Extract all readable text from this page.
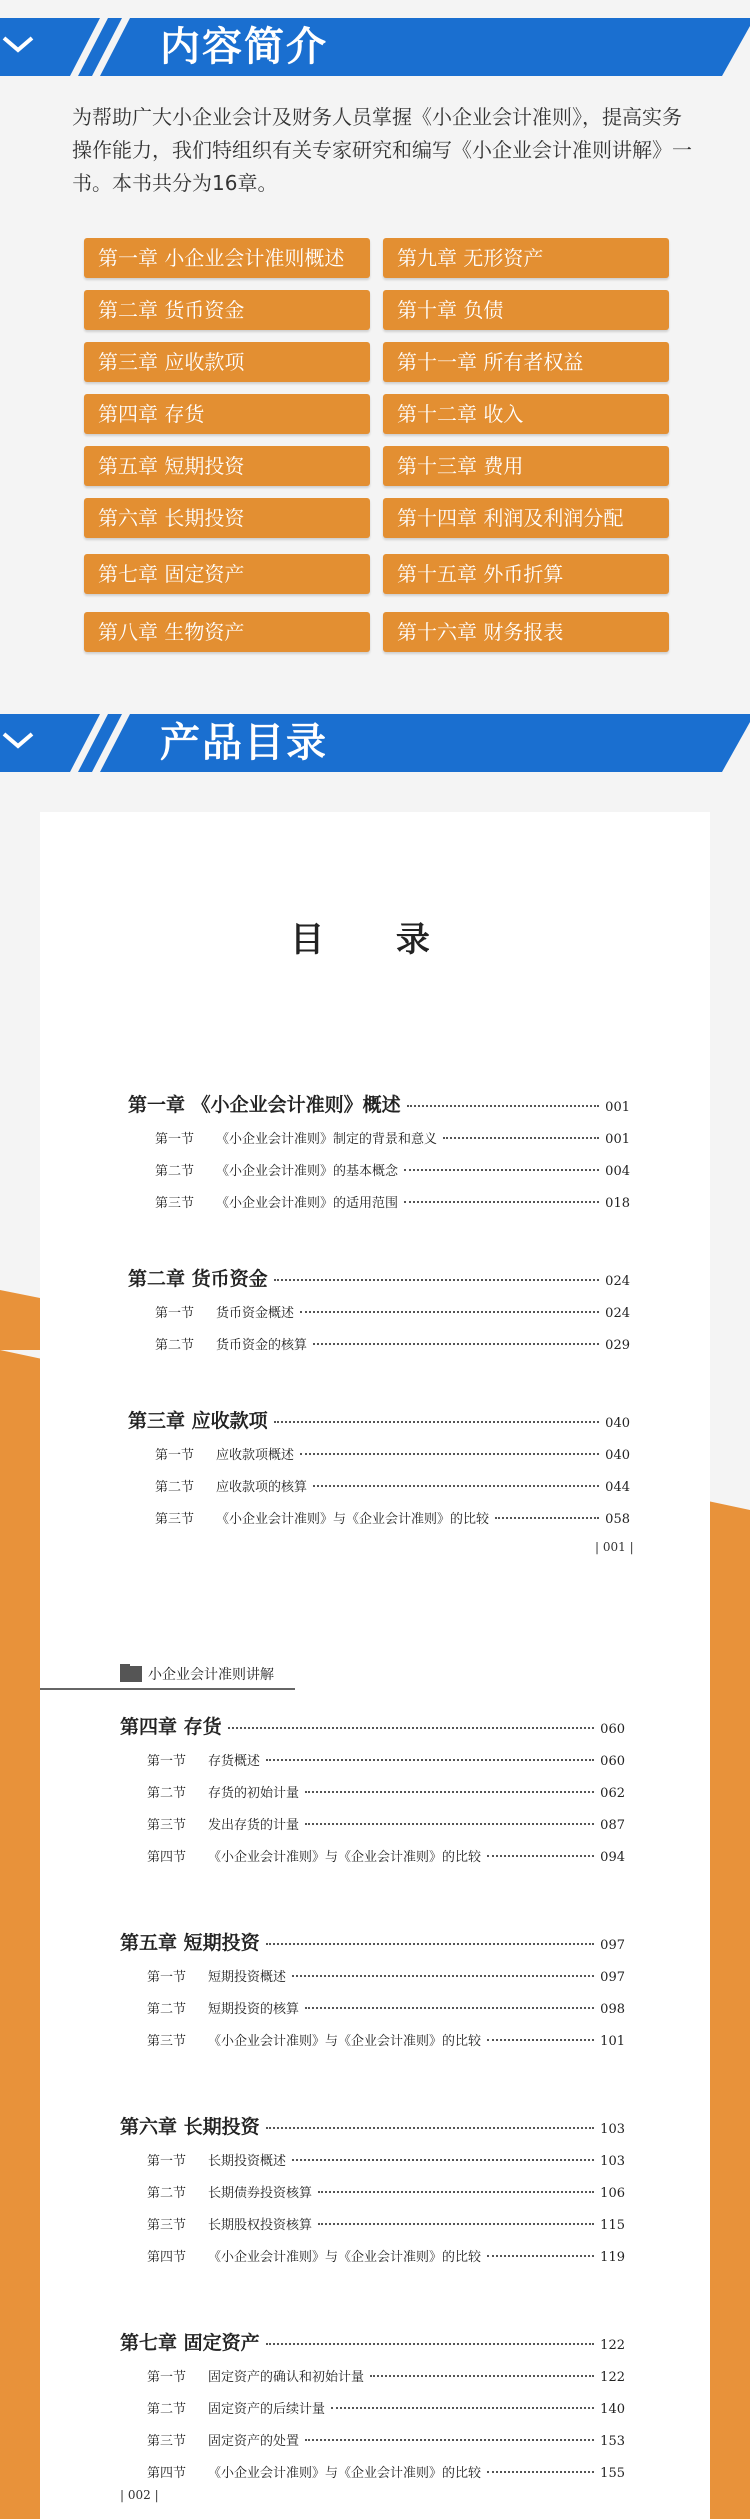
内容简介
为帮助广大小企业会计及财务人员掌握《小企业会计准则》，提高实务操作能力，我们特组织有关专家研究和编写《小企业会计准则讲解》一书。本书共分为16章。
第一章 小企业会计准则概述
第二章 货币资金
第三章 应收款项
第四章 存货
第五章 短期投资
第六章 长期投资
第七章 固定资产
第八章 生物资产
第九章 无形资产
第十章 负债
第十一章 所有者权益
第十二章 收入
第十三章 费用
第十四章 利润及利润分配
第十五章 外币折算
第十六章 财务报表
产品目录
目 录
第一章 《小企业会计准则》概述	001
第一节 《小企业会计准则》制定的背景和意义	001
第二节 《小企业会计准则》的基本概念	004
第三节 《小企业会计准则》的适用范围	018
第二章 货币资金	024
第一节 货币资金概述	024
第二节 货币资金的核算	029
第三章 应收款项	040
第一节 应收款项概述	040
第二节 应收款项的核算	044
第三节 《小企业会计准则》与《企业会计准则》的比较	058
| 001 |
小企业会计准则讲解
第四章 存货	060
第一节 存货概述	060
第二节 存货的初始计量	062
第三节 发出存货的计量	087
第四节 《小企业会计准则》与《企业会计准则》的比较	094
第五章 短期投资	097
第一节 短期投资概述	097
第二节 短期投资的核算	098
第三节 《小企业会计准则》与《企业会计准则》的比较	101
第六章 长期投资	103
第一节 长期投资概述	103
第二节 长期债券投资核算	106
第三节 长期股权投资核算	115
第四节 《小企业会计准则》与《企业会计准则》的比较	119
第七章 固定资产	122
第一节 固定资产的确认和初始计量	122
第二节 固定资产的后续计量	140
第三节 固定资产的处置	153
第四节 《小企业会计准则》与《企业会计准则》的比较	155
| 002 |
